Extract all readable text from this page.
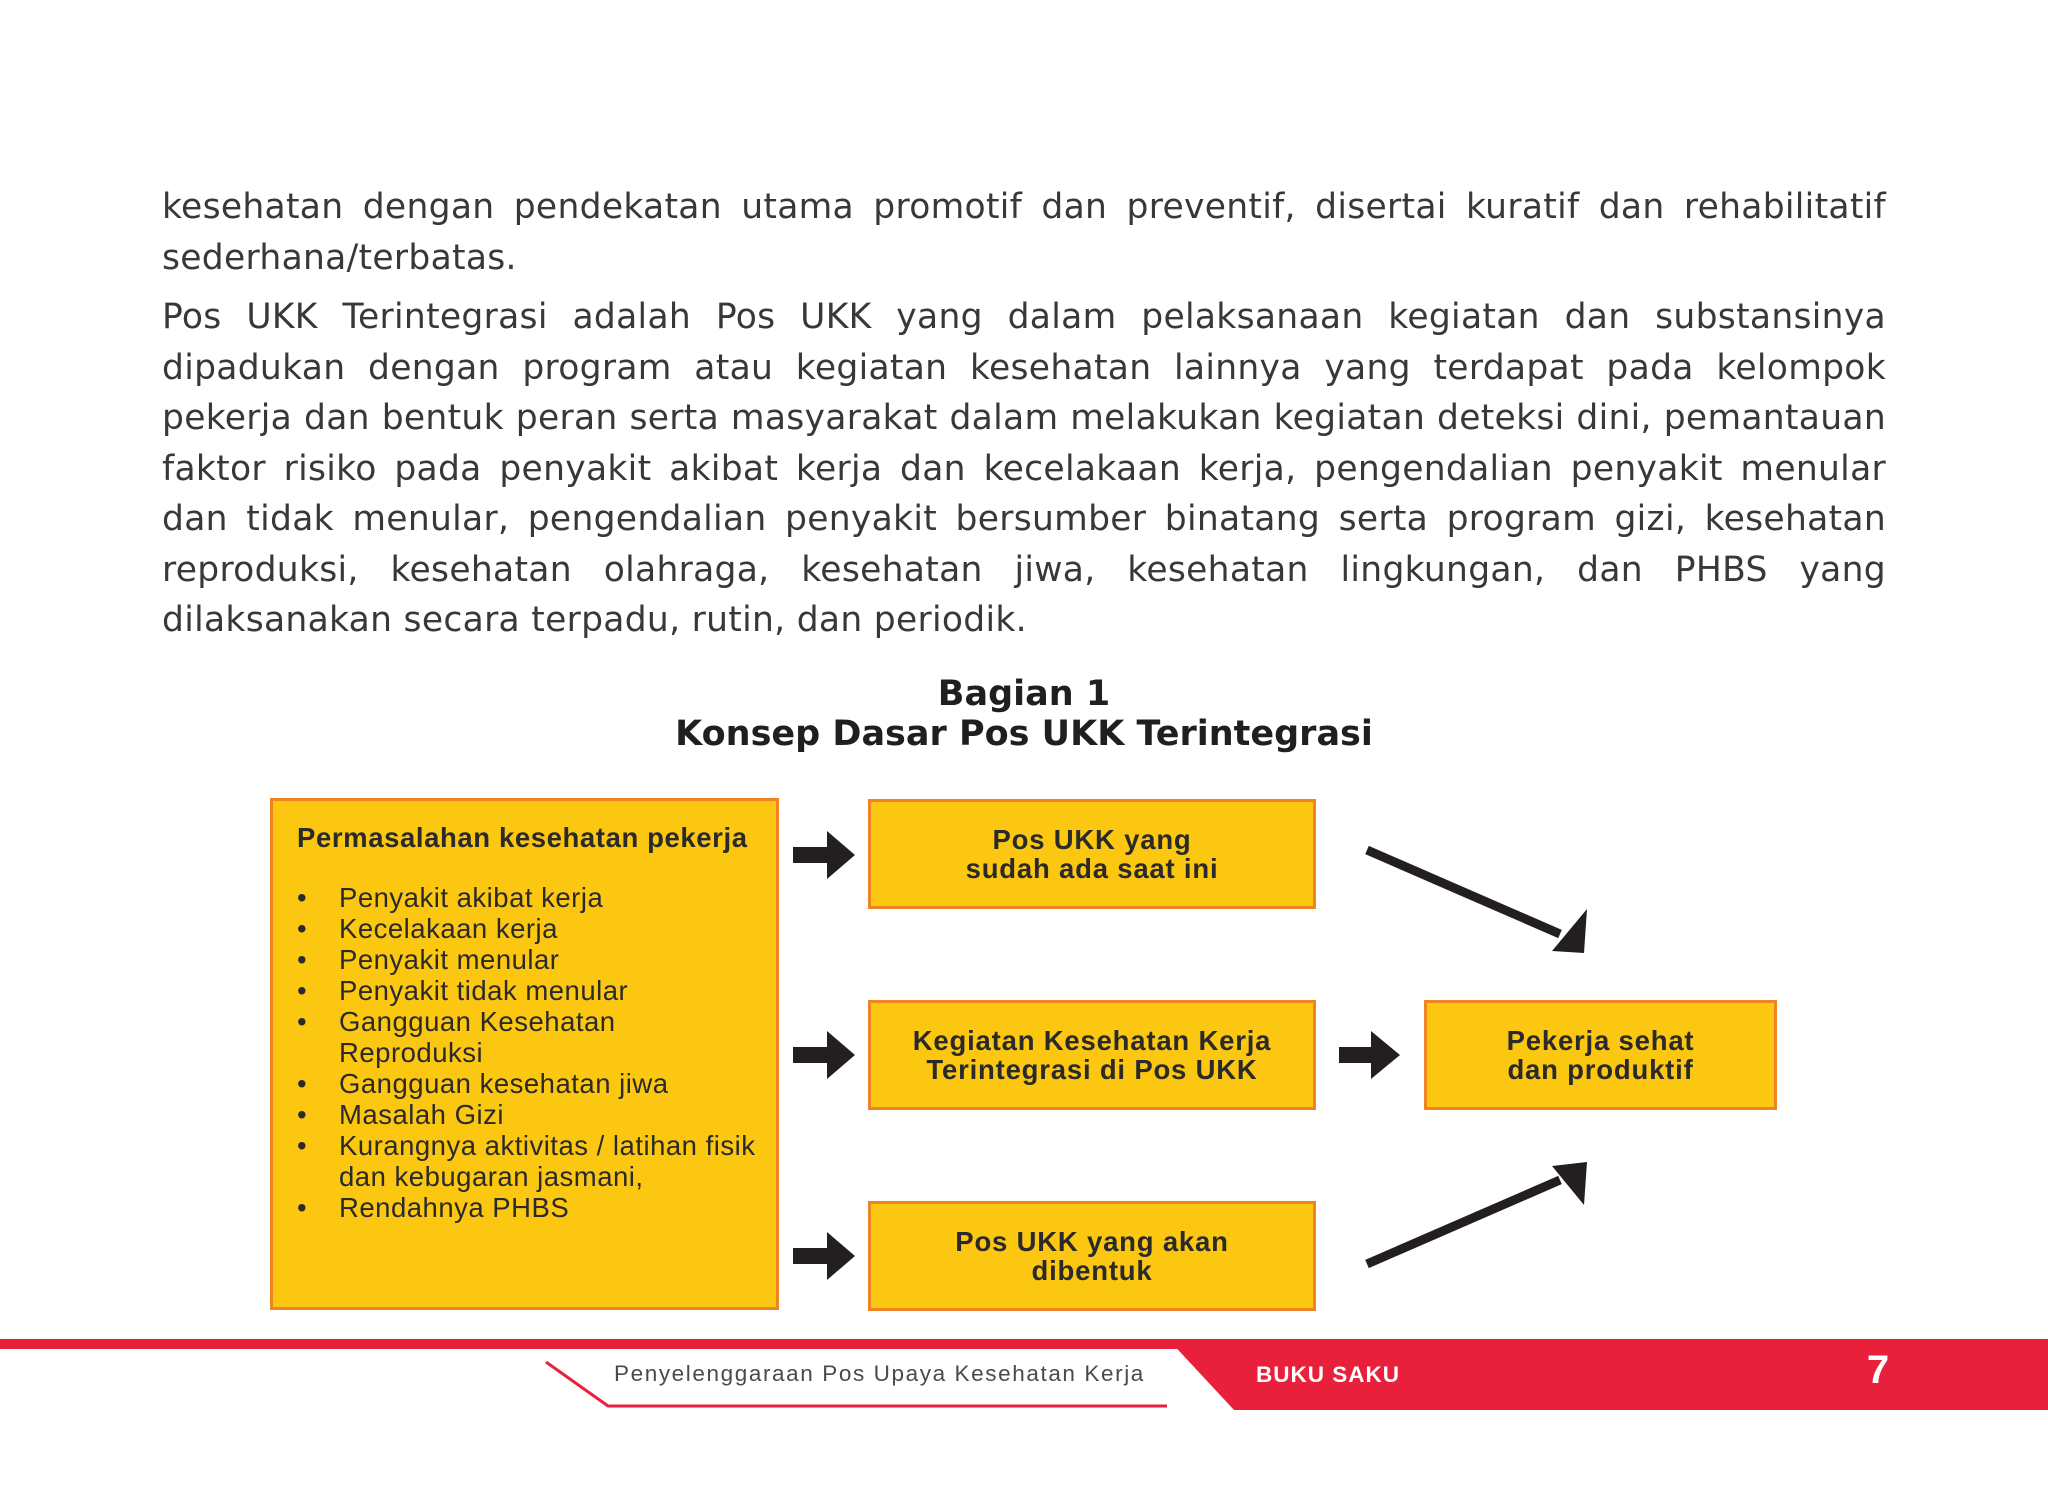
kesehatan dengan pendekatan utama promotif dan preventif, disertai kuratif dan rehabilitatif sederhana/terbatas.

Pos UKK Terintegrasi adalah Pos UKK yang dalam pelaksanaan kegiatan dan substansinya dipadukan dengan program atau kegiatan kesehatan lainnya yang terdapat pada kelompok pekerja dan bentuk peran serta masyarakat dalam melakukan kegiatan deteksi dini, pemantauan faktor risiko pada penyakit akibat kerja dan kecelakaan kerja, pengendalian penyakit menular dan tidak menular, pengendalian penyakit bersumber binatang serta program gizi, kesehatan reproduksi, kesehatan olahraga, kesehatan jiwa, kesehatan lingkungan, dan PHBS yang dilaksanakan secara terpadu, rutin, dan periodik.

Bagian 1
Konsep Dasar Pos UKK Terintegrasi
Permasalahan kesehatan pekerja
• Penyakit akibat kerja
• Kecelakaan kerja
• Penyakit menular
• Penyakit tidak menular
• Gangguan Kesehatan Reproduksi
• Gangguan kesehatan jiwa
• Masalah Gizi
• Kurangnya aktivitas / latihan fisik dan kebugaran jasmani,
• Rendahnya PHBS
Pos UKK yang
sudah ada saat ini
Kegiatan Kesehatan Kerja
Terintegrasi di Pos UKK
Pos UKK yang akan
dibentuk
Pekerja sehat
dan produktif
Penyelenggaraan Pos Upaya Kesehatan Kerja	BUKU SAKU	7
